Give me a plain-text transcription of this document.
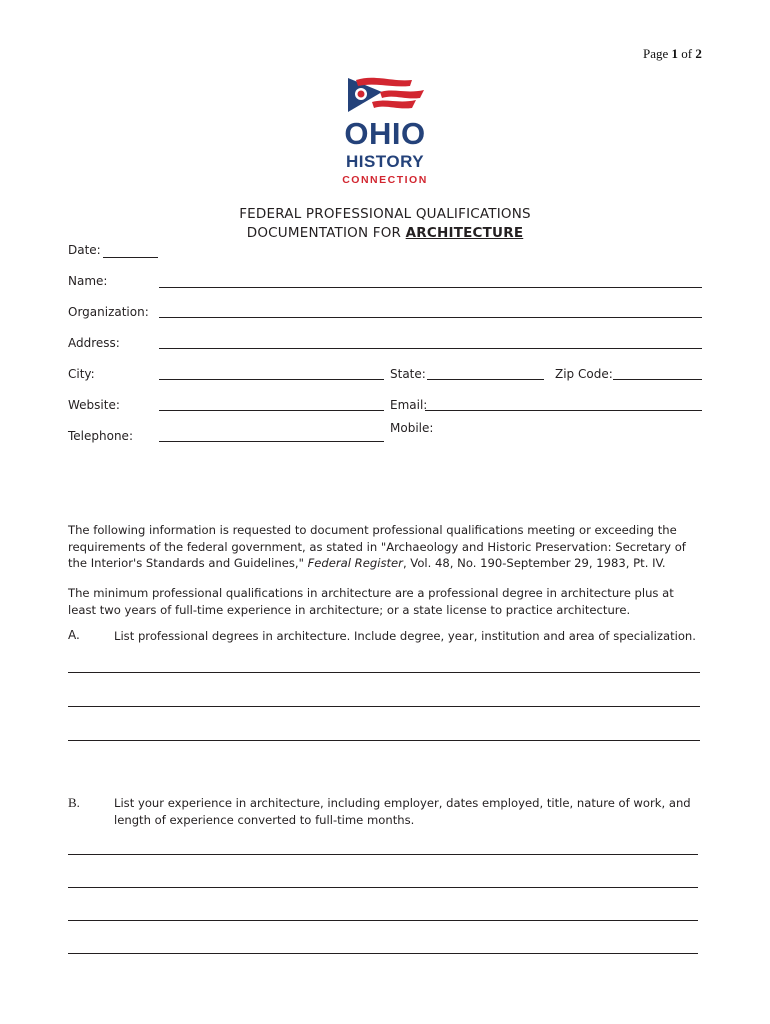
Page 1 of 2
OHIO
HISTORY
CONNECTION
FEDERAL PROFESSIONAL QUALIFICATIONS
DOCUMENTATION FOR ARCHITECTURE
Date:
Name:
Organization:
Address:
City:	State:	Zip Code:
Website:	Email:
Telephone:
Mobile:
The following information is requested to document professional qualifications meeting or exceeding the requirements of the federal government, as stated in "Archaeology and Historic Preservation: Secretary of the Interior's Standards and Guidelines," Federal Register, Vol. 48, No. 190-September 29, 1983, Pt. IV.
The minimum professional qualifications in architecture are a professional degree in architecture plus at least two years of full-time experience in architecture; or a state license to practice architecture.
A.	List professional degrees in architecture. Include degree, year, institution and area of specialization.
B.	List your experience in architecture, including employer, dates employed, title, nature of work, and length of experience converted to full-time months.
